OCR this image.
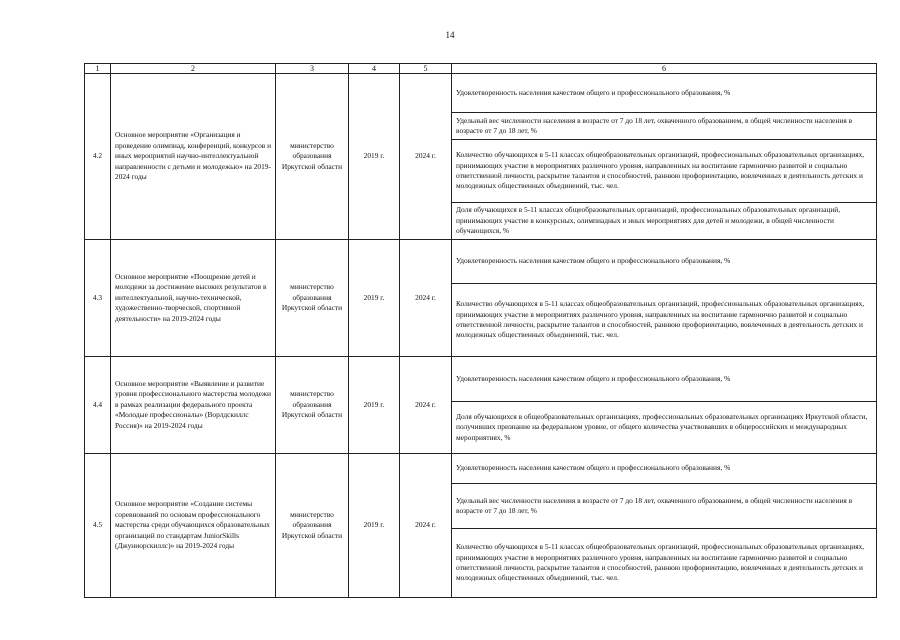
14
1	2	3	4	5	6
4.2	Основное мероприятие «Организация и проведение олимпиад, конференций, конкурсов и иных мероприятий научно-интеллектуальной направленности с детьми и молодежью» на 2019-2024 годы	министерство образования Иркутской области	2019 г.	2024 г.	Удовлетворенность населения качеством общего и профессионального образования, %
					Удельный вес численности населения в возрасте от 7 до 18 лет, охваченного образованием, в общей численности населения в возрасте от 7 до 18 лет, %
					Количество обучающихся в 5-11 классах общеобразовательных организаций, профессиональных образовательных организациях, принимающих участие в мероприятиях различного уровня, направленных на воспитание гармонично развитой и социально ответственной личности, раскрытие талантов и способностей, раннюю профориентацию, вовлеченных в деятельность детских и молодежных общественных объединений, тыс. чел.
					Доля обучающихся в 5-11 классах общеобразовательных организаций, профессиональных образовательных организаций, принимающих участие в конкурсных, олимпиадных и иных мероприятиях для детей и молодежи, в общей численности обучающихся, %
4.3	Основное мероприятие «Поощрение детей и молодежи за достижение высоких результатов в интеллектуальной, научно-технической, художественно-творческой, спортивной деятельности» на 2019-2024 годы	министерство образования Иркутской области	2019 г.	2024 г.	Удовлетворенность населения качеством общего и профессионального образования, %
					Количество обучающихся в 5-11 классах общеобразовательных организаций, профессиональных образовательных организациях, принимающих участие в мероприятиях различного уровня, направленных на воспитание гармонично развитой и социально ответственной личности, раскрытие талантов и способностей, раннюю профориентацию, вовлеченных в деятельность детских и молодежных общественных объединений, тыс. чел.
4.4	Основное мероприятие «Выявление и развитие уровня профессионального мастерства молодежи в рамках реализации федерального проекта «Молодые профессионалы» (Ворлдскиллс Россия)» на 2019-2024 годы	министерство образования Иркутской области	2019 г.	2024 г.	Удовлетворенность населения качеством общего и профессионального образования, %
					Доля обучающихся в общеобразовательных организациях, профессиональных образовательных организациях Иркутской области, получивших признание на федеральном уровне, от общего количества участвовавших в общероссийских и международных мероприятиях, %
4.5	Основное мероприятие «Создание системы соревнований по основам профессионального мастерства среди обучающихся образовательных организаций по стандартам JuniorSkills (Джуниорскиллс)» на 2019-2024 годы	министерство образования Иркутской области	2019 г.	2024 г.	Удовлетворенность населения качеством общего и профессионального образования, %
					Удельный вес численности населения в возрасте от 7 до 18 лет, охваченного образованием, в общей численности населения в возрасте от 7 до 18 лет, %
					Количество обучающихся в 5-11 классах общеобразовательных организаций, профессиональных образовательных организациях, принимающих участие в мероприятиях различного уровня, направленных на воспитание гармонично развитой и социально ответственной личности, раскрытие талантов и способностей, раннюю профориентацию, вовлеченных в деятельность детских и молодежных общественных объединений, тыс. чел.
